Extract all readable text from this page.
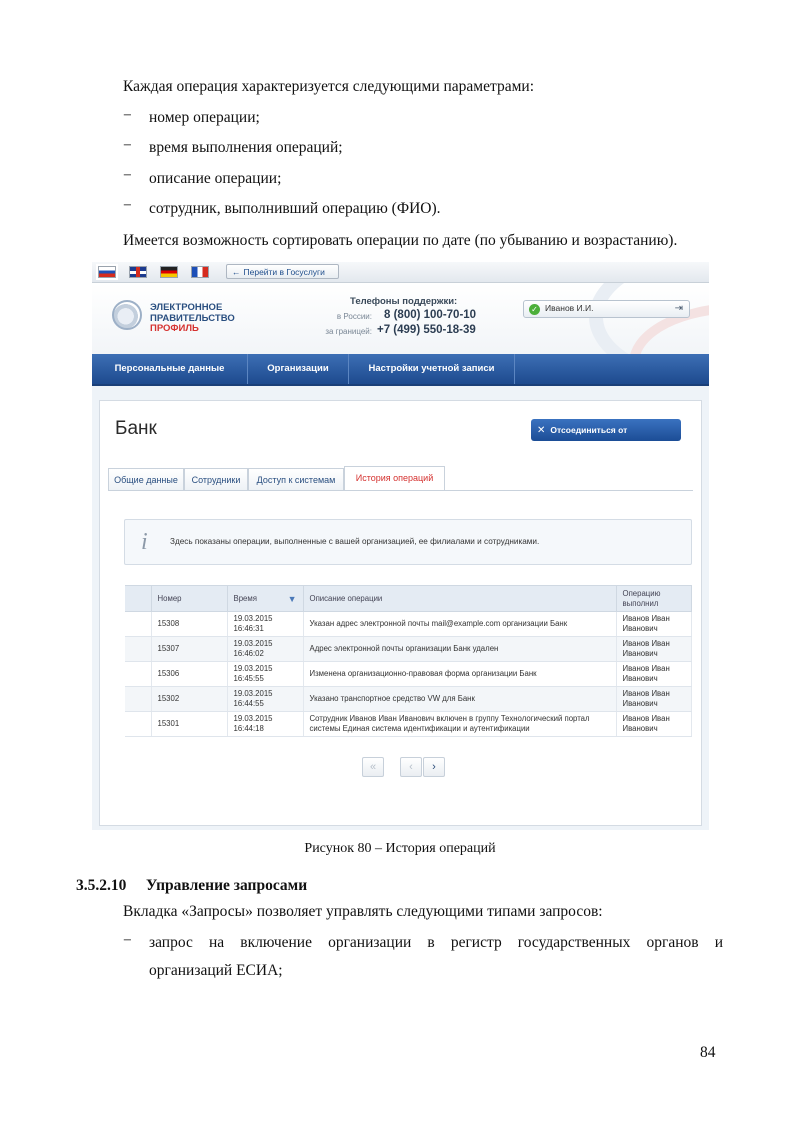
Каждая операция характеризуется следующими параметрами:
− номер операции;
− время выполнения операций;
− описание операции;
− сотрудник, выполнивший операцию (ФИО).
Имеется возможность сортировать операции по дате (по убыванию и возрастанию).
← Перейти в Госуслуги
ЭЛЕКТРОННОЕ
ПРАВИТЕЛЬСТВО
ПРОФИЛЬ
Телефоны поддержки:
в России: 8 (800) 100-70-10
за границей: +7 (499) 550-18-39
✓ Иванов И.И.	⇥
Персональные данные	Организации	Настройки учетной записи
Банк	✕ Отсоединиться от организации
Общие данные	Сотрудники	Доступ к системам	История операций
i	Здесь показаны операции, выполненные с вашей организацией, ее филиалами и сотрудниками.
	Номер	Время ▼	Описание операции	Операцию
выполнил
	15308	19.03.2015
16:46:31	Указан адрес электронной почты mail@example.com организации Банк	Иванов Иван
Иванович
	15307	19.03.2015
16:46:02	Адрес электронной почты организации Банк удален	Иванов Иван
Иванович
	15306	19.03.2015
16:45:55	Изменена организационно-правовая форма организации Банк	Иванов Иван
Иванович
	15302	19.03.2015
16:44:55	Указано транспортное средство VW для Банк	Иванов Иван
Иванович
	15301	19.03.2015
16:44:18	Сотрудник Иванов Иван Иванович включен в группу Технологический портал
системы Единая система идентификации и аутентификации	Иванов Иван
Иванович
«	‹	›
Рисунок 80 – История операций
3.5.2.10 Управление запросами
Вкладка «Запросы» позволяет управлять следующими типами запросов:
− запрос на включение организации в регистр государственных органов и
организаций ЕСИА;
84
